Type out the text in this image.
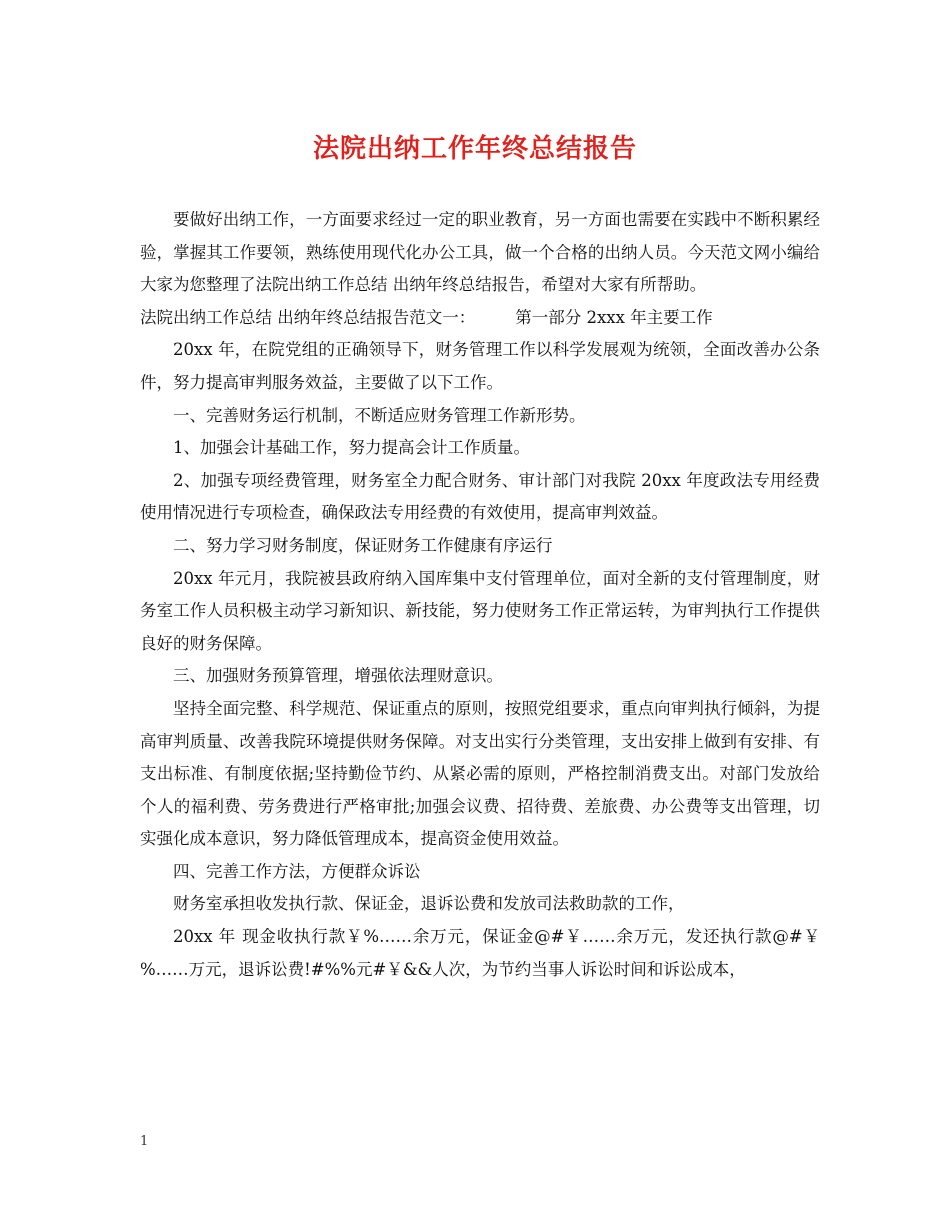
法院出纳工作年终总结报告

要做好出纳工作，一方面要求经过一定的职业教育，另一方面也需要在实践中不断积累经验，掌握其工作要领，熟练使用现代化办公工具，做一个合格的出纳人员。今天范文网小编给大家为您整理了法院出纳工作总结 出纳年终总结报告，希望对大家有所帮助。

法院出纳工作总结 出纳年终总结报告范文一： 第一部分 2xxx 年主要工作

20xx 年，在院党组的正确领导下，财务管理工作以科学发展观为统领，全面改善办公条件，努力提高审判服务效益，主要做了以下工作。

一、完善财务运行机制，不断适应财务管理工作新形势。

1、加强会计基础工作，努力提高会计工作质量。

2、加强专项经费管理，财务室全力配合财务、审计部门对我院 20xx 年度政法专用经费使用情况进行专项检查，确保政法专用经费的有效使用，提高审判效益。

二、努力学习财务制度，保证财务工作健康有序运行

20xx 年元月，我院被县政府纳入国库集中支付管理单位，面对全新的支付管理制度，财务室工作人员积极主动学习新知识、新技能，努力使财务工作正常运转，为审判执行工作提供良好的财务保障。

三、加强财务预算管理，增强依法理财意识。

坚持全面完整、科学规范、保证重点的原则，按照党组要求，重点向审判执行倾斜，为提高审判质量、改善我院环境提供财务保障。对支出实行分类管理，支出安排上做到有安排、有支出标准、有制度依据;坚持勤俭节约、从紧必需的原则，严格控制消费支出。对部门发放给个人的福利费、劳务费进行严格审批;加强会议费、招待费、差旅费、办公费等支出管理，切实强化成本意识，努力降低管理成本，提高资金使用效益。

四、完善工作方法，方便群众诉讼

财务室承担收发执行款、保证金，退诉讼费和发放司法救助款的工作，

20xx 年 现金收执行款￥%……余万元，保证金@#￥……余万元，发还执行款@#￥%……万元，退诉讼费!#%%元#￥&&人次，为节约当事人诉讼时间和诉讼成本，

1
